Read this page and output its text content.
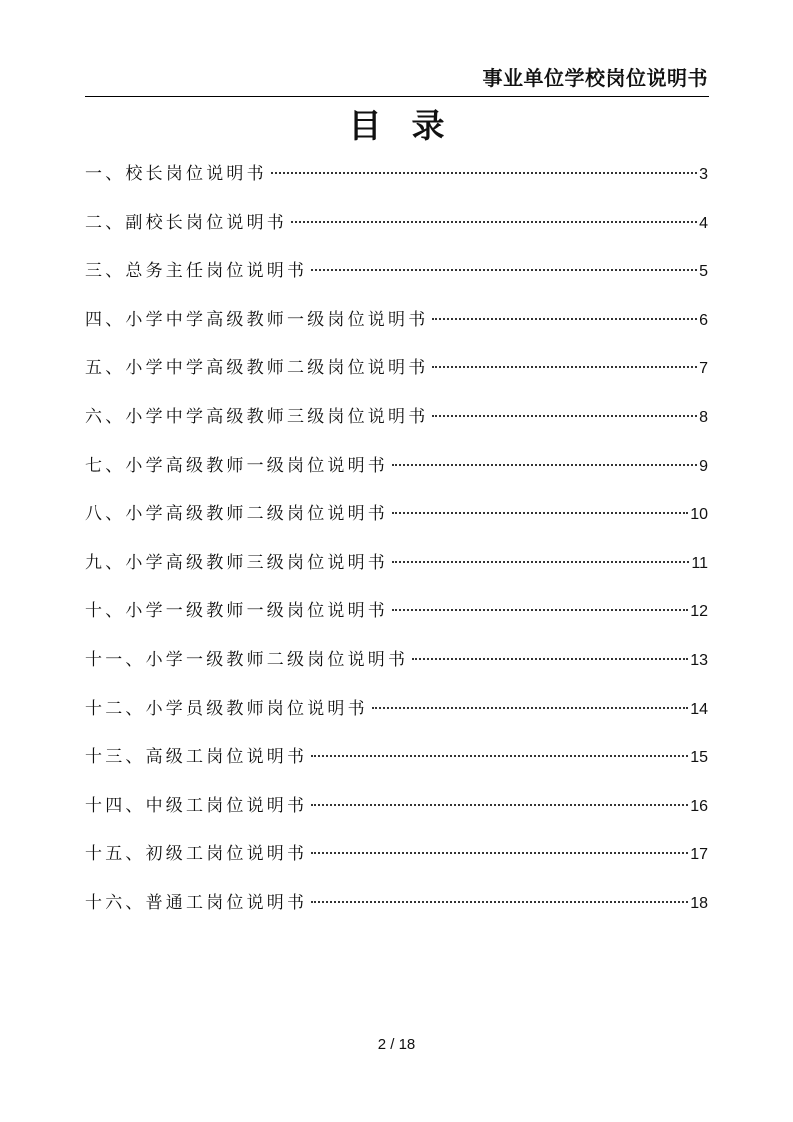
事业单位学校岗位说明书
目录
一、校长岗位说明书	3
二、副校长岗位说明书	4
三、总务主任岗位说明书	5
四、小学中学高级教师一级岗位说明书	6
五、小学中学高级教师二级岗位说明书	7
六、小学中学高级教师三级岗位说明书	8
七、小学高级教师一级岗位说明书	9
八、小学高级教师二级岗位说明书	10
九、小学高级教师三级岗位说明书	11
十、小学一级教师一级岗位说明书	12
十一、小学一级教师二级岗位说明书	13
十二、小学员级教师岗位说明书	14
十三、高级工岗位说明书	15
十四、中级工岗位说明书	16
十五、初级工岗位说明书	17
十六、普通工岗位说明书	18
2 / 18
